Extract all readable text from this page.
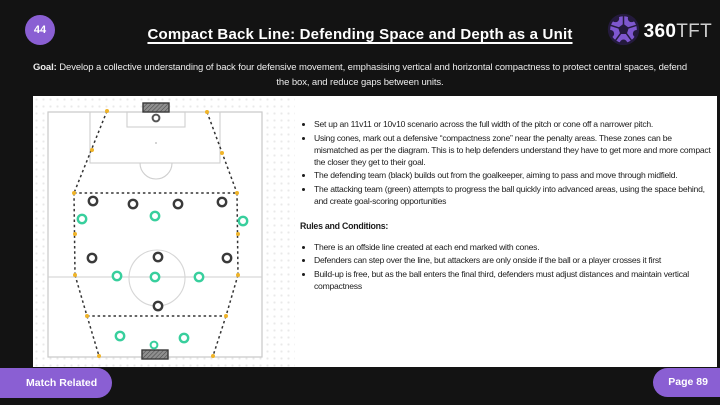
44	Compact Back Line: Defending Space and Depth as a Unit	360TFT
Goal: Develop a collective understanding of back four defensive movement, emphasising vertical and horizontal compactness to protect central spaces, defend the box, and reduce gaps between units.
• Set up an 11v11 or 10v10 scenario across the full width of the pitch or cone off a narrower pitch.
• Using cones, mark out a defensive “compactness zone” near the penalty areas. These zones can be mismatched as per the diagram. This is to help defenders understand they have to get more and more compact the closer they get to their goal.
• The defending team (black) builds out from the goalkeeper, aiming to pass and move through midfield.
• The attacking team (green) attempts to progress the ball quickly into advanced areas, using the space behind, and create goal-scoring opportunities
Rules and Conditions:
• There is an offside line created at each end marked with cones.
• Defenders can step over the line, but attackers are only onside if the ball or a player crosses it first
• Build-up is free, but as the ball enters the final third, defenders must adjust distances and maintain vertical compactness
Match Related	Page 89
